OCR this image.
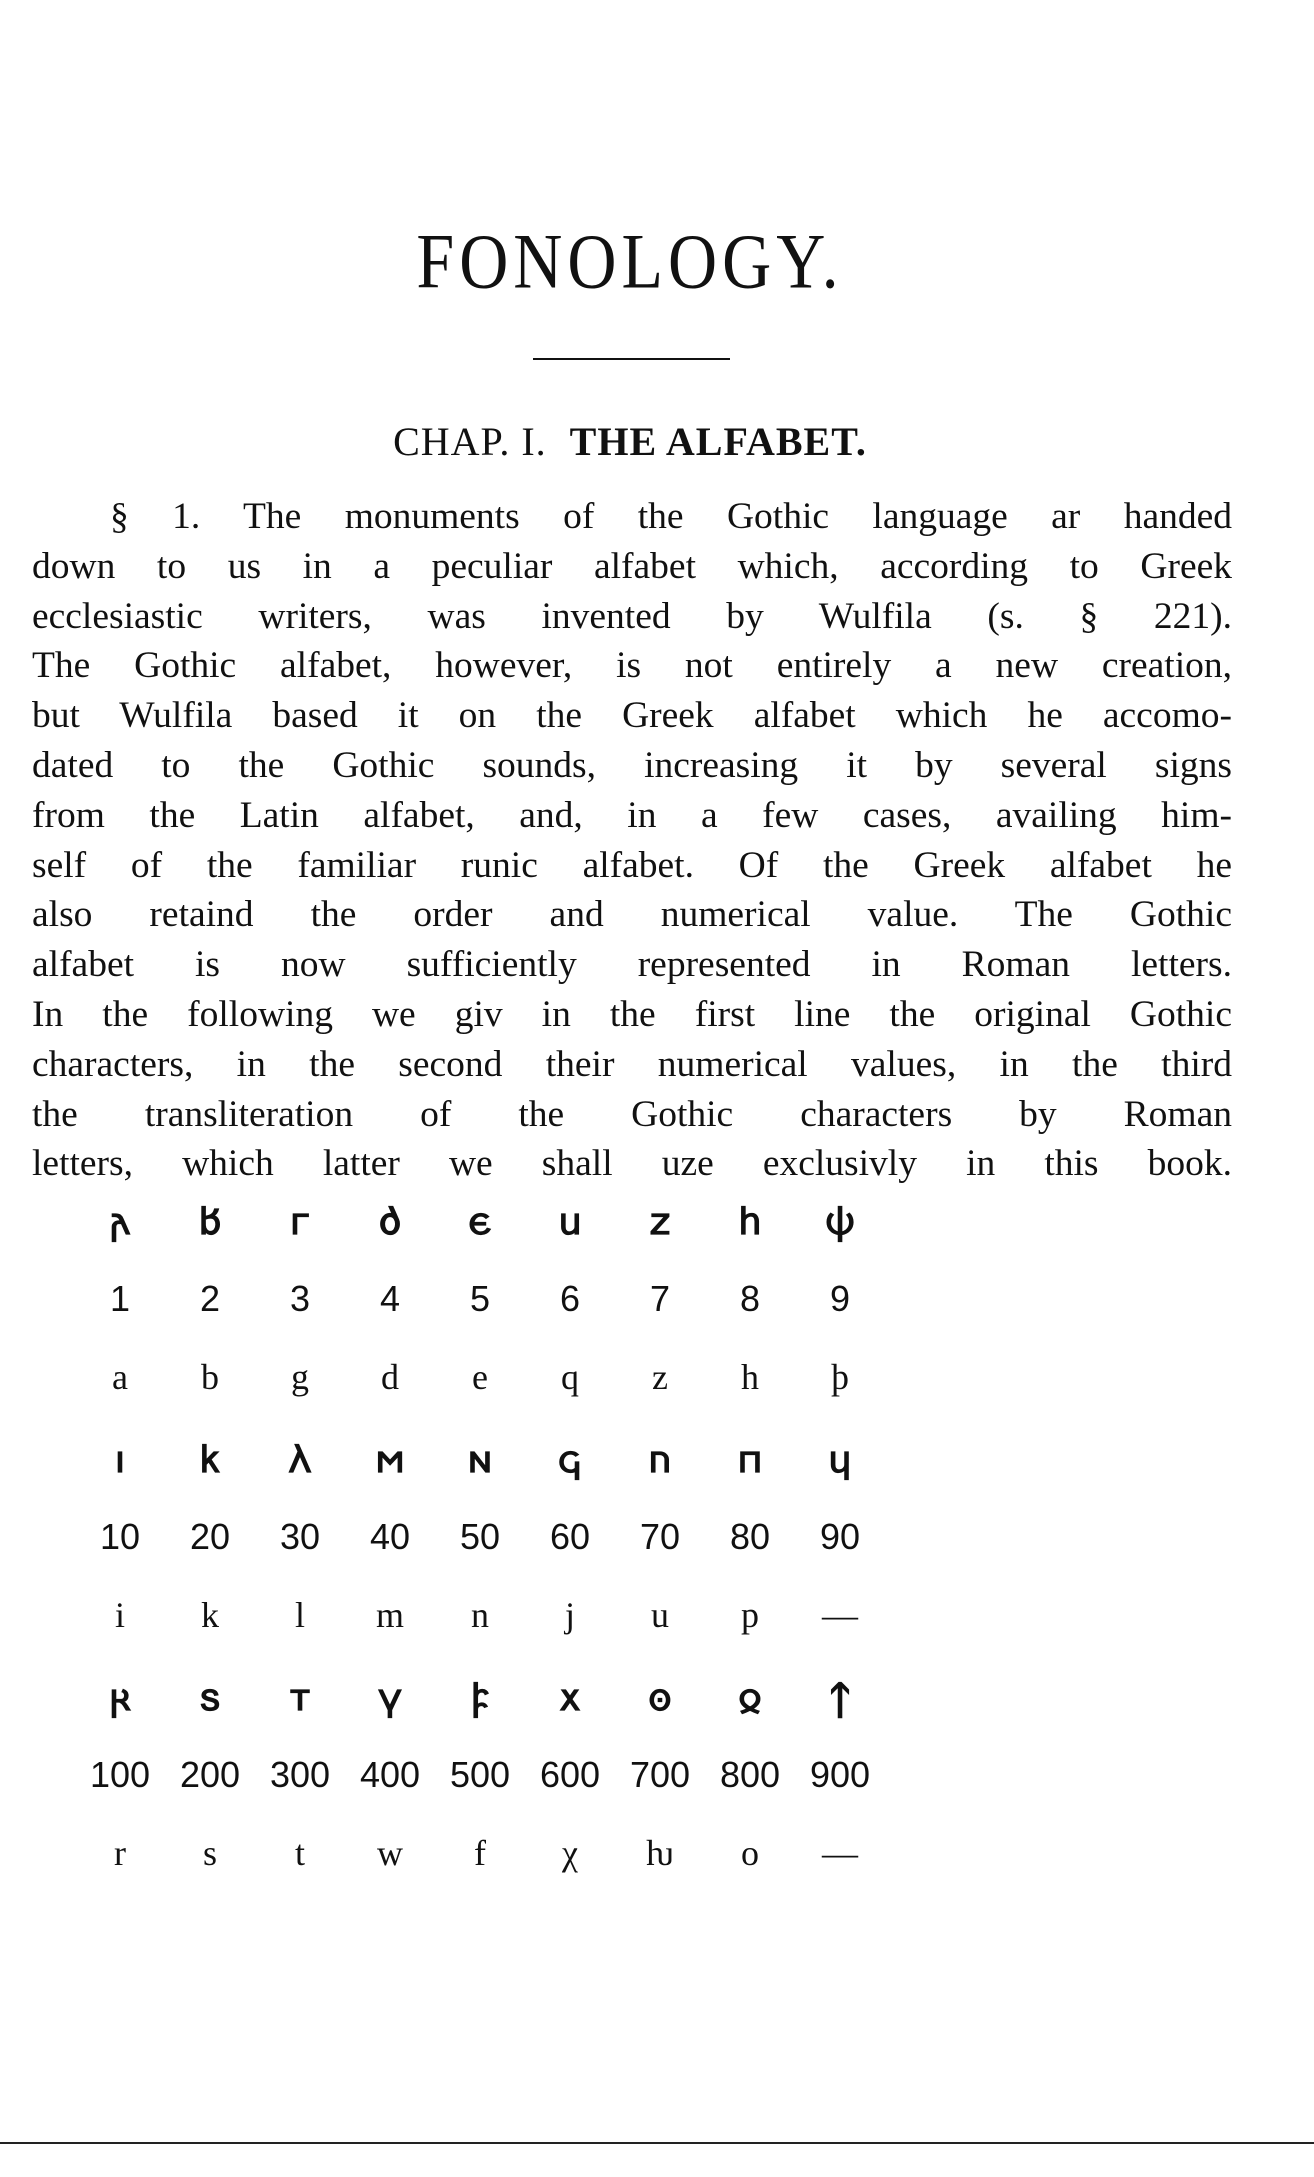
FONOLOGY.
CHAP. I. THE ALFABET.
§ 1. The monuments of the Gothic language ar handed
down to us in a peculiar alfabet which, according to Greek
ecclesiastic writers, was invented by Wulfila (s. § 221).
The Gothic alfabet, however, is not entirely a new creation,
but Wulfila based it on the Greek alfabet which he accomo-
dated to the Gothic sounds, increasing it by several signs
from the Latin alfabet, and, in a few cases, availing him-
self of the familiar runic alfabet. Of the Greek alfabet he
also retaind the order and numerical value. The Gothic
alfabet is now sufficiently represented in Roman letters.
In the following we giv in the first line the original Gothic
characters, in the second their numerical values, in the third
the transliteration of the Gothic characters by Roman
letters, which latter we shall uze exclusivly in this book.
𐌰	𐌱	𐌲	𐌳	𐌴	𐌵	𐌶	𐌷	𐌸
1	2	3	4	5	6	7	8	9
a	b	g	d	e	q	z	h	þ
𐌹	𐌺	𐌻	𐌼	𐌽	𐌾	𐌿	𐍀	𐍁
10	20	30	40	50	60	70	80	90
i	k	l	m	n	j	u	p	—
𐍂	𐍃	𐍄	𐍅	𐍆	𐍇	𐍈	𐍉	𐍊
100 200 300 400 500 600 700 800 900
r	s	t	w	f	χ	ƕ	o	—
